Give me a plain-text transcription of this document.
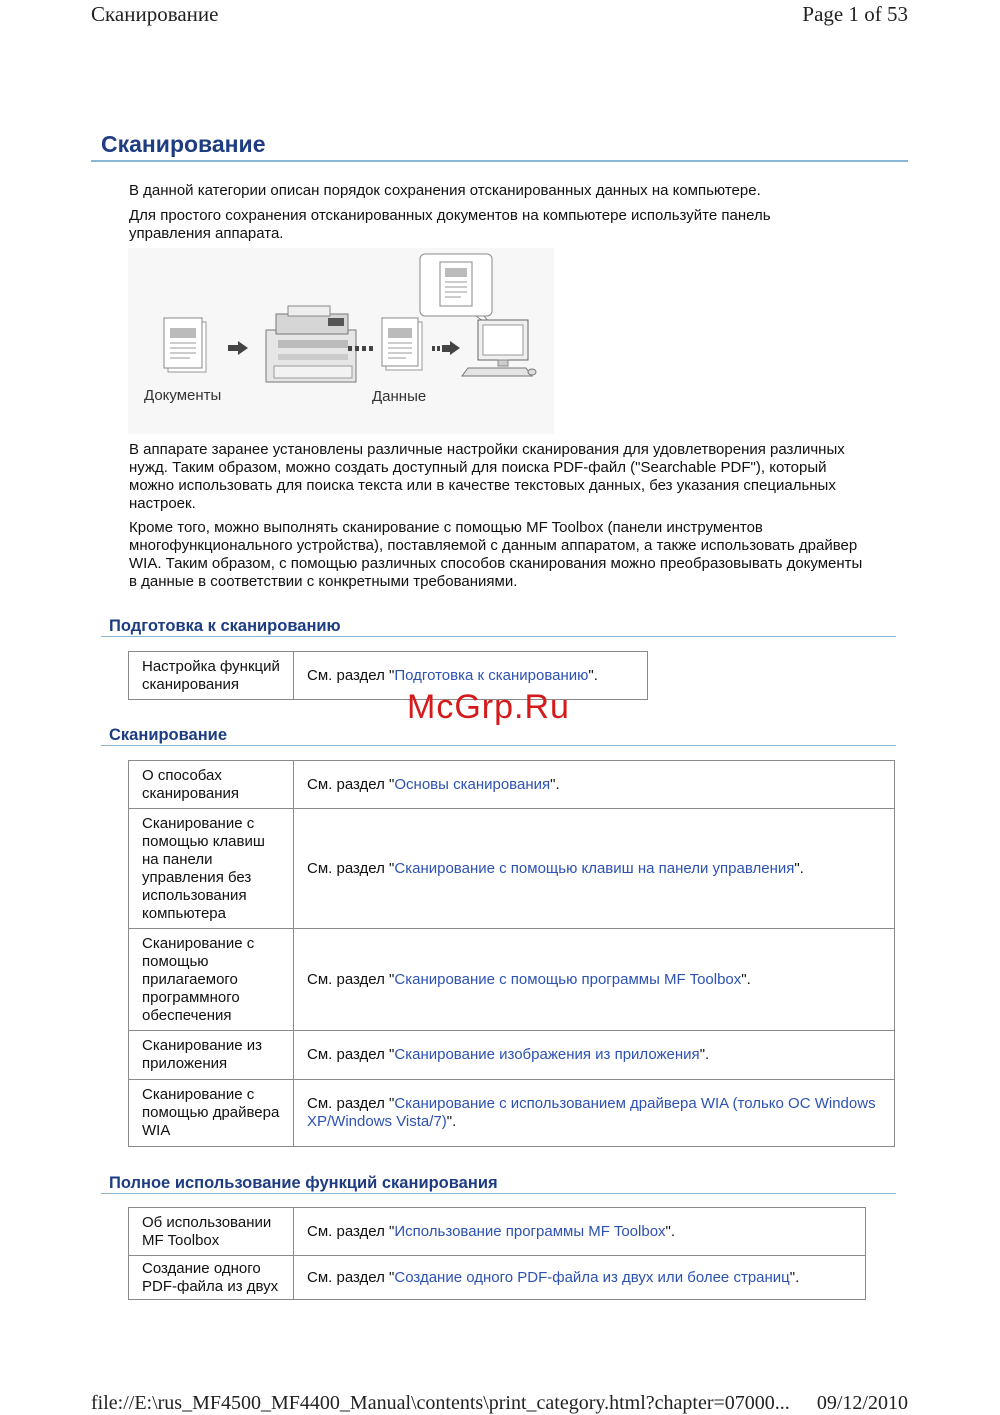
Сканирование	Page 1 of 53
Сканирование
В данной категории описан порядок сохранения отсканированных данных на компьютере.
Для простого сохранения отсканированных документов на компьютере используйте панель управления аппарата.
Документы	Данные
В аппарате заранее установлены различные настройки сканирования для удовлетворения различных нужд. Таким образом, можно создать доступный для поиска PDF-файл ("Searchable PDF"), который можно использовать для поиска текста или в качестве текстовых данных, без указания специальных настроек.
Кроме того, можно выполнять сканирование с помощью MF Toolbox (панели инструментов многофункционального устройства), поставляемой с данным аппаратом, а также использовать драйвер WIA. Таким образом, с помощью различных способов сканирования можно преобразовывать документы в данные в соответствии с конкретными требованиями.
Подготовка к сканированию
Настройка функций сканирования	См. раздел "Подготовка к сканированию".
Сканирование
О способах сканирования	См. раздел "Основы сканирования".
Сканирование с помощью клавиш на панели управления без использования компьютера	См. раздел "Сканирование с помощью клавиш на панели управления".
Сканирование с помощью прилагаемого программного обеспечения	См. раздел "Сканирование с помощью программы MF Toolbox".
Сканирование из приложения	См. раздел "Сканирование изображения из приложения".
Сканирование с помощью драйвера WIA	См. раздел "Сканирование с использованием драйвера WIA (только ОС Windows XP/Windows Vista/7)".
Полное использование функций сканирования
Об использовании MF Toolbox	См. раздел "Использование программы MF Toolbox".
Создание одного PDF-файла из двух	См. раздел "Создание одного PDF-файла из двух или более страниц".
McGrp.Ru
file://E:\rus_MF4500_MF4400_Manual\contents\print_category.html?chapter=07000... 09/12/2010
